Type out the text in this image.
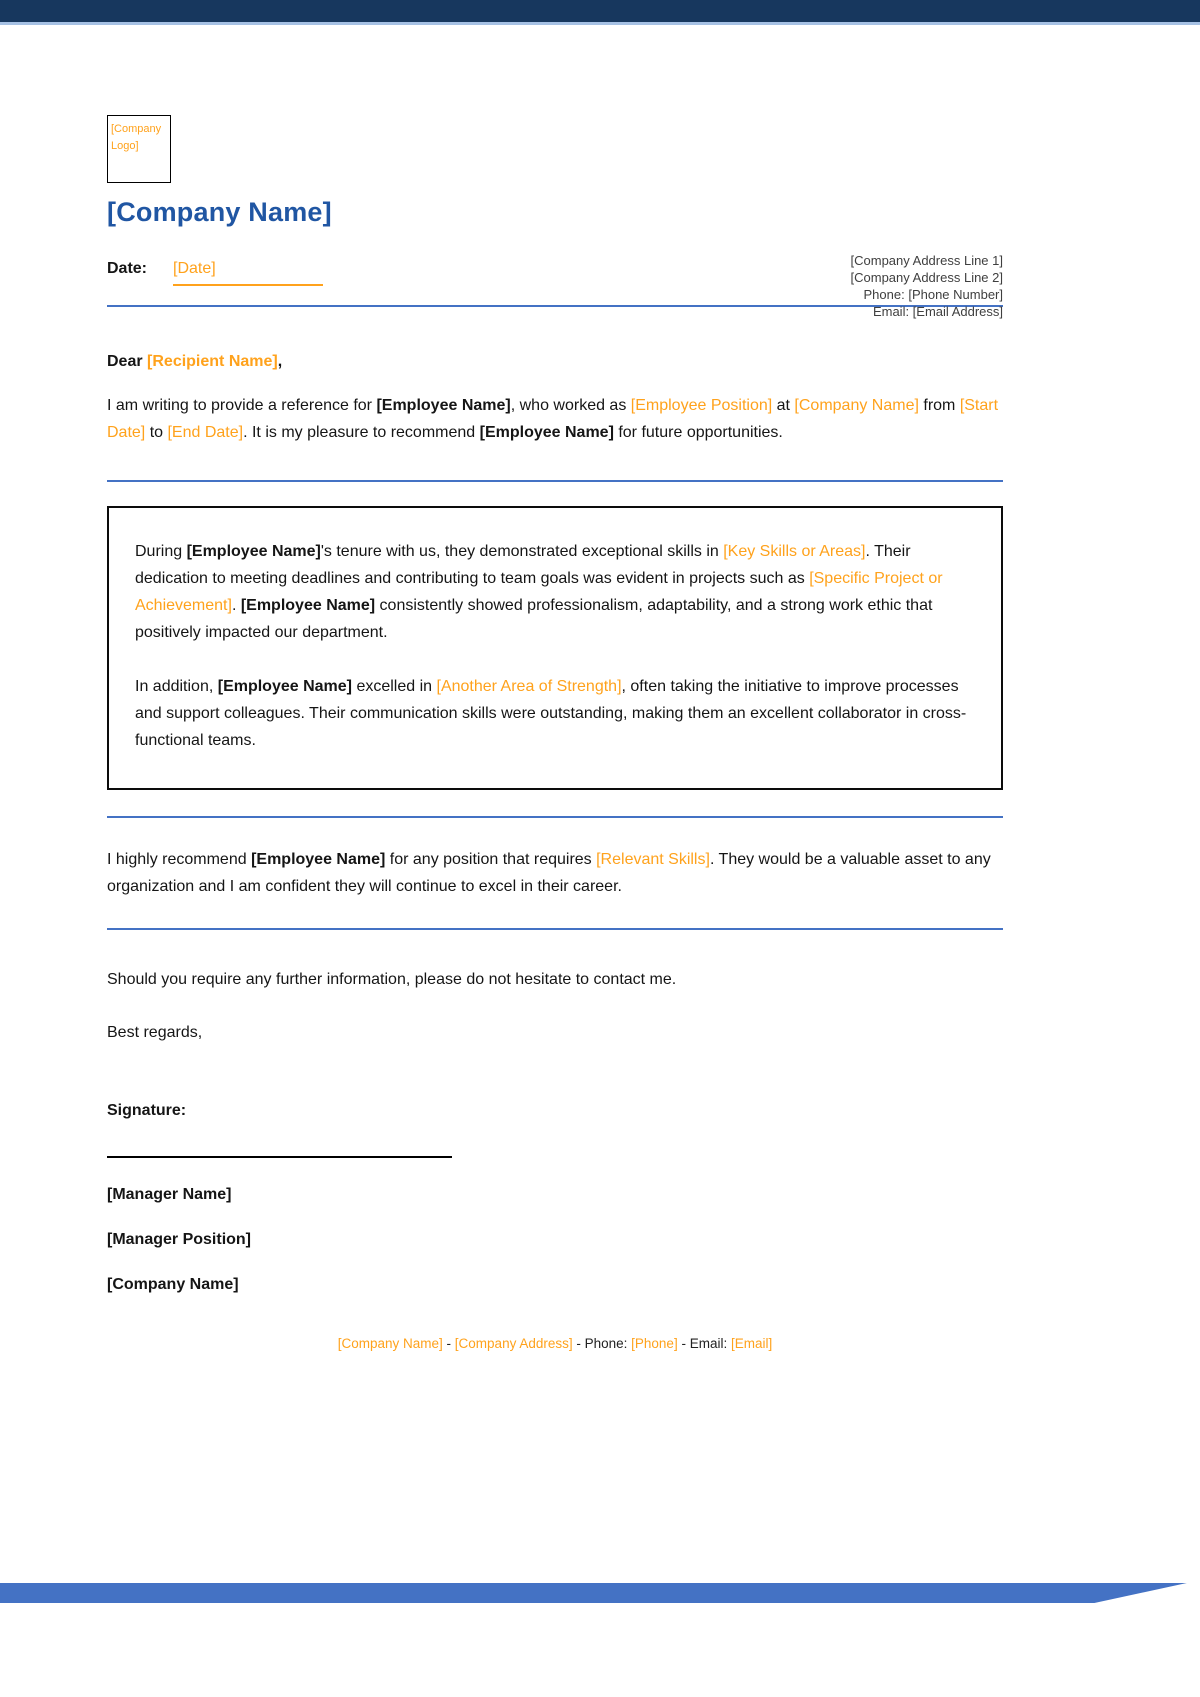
[Company Logo]
[Company Name]
Date: [Date]	[Company Address Line 1]
[Company Address Line 2]
Phone: [Phone Number]
Email: [Email Address]

Dear [Recipient Name],

I am writing to provide a reference for [Employee Name], who worked as [Employee Position] at [Company Name] from [Start Date] to [End Date]. It is my pleasure to recommend [Employee Name] for future opportunities.

During [Employee Name]'s tenure with us, they demonstrated exceptional skills in [Key Skills or Areas]. Their dedication to meeting deadlines and contributing to team goals was evident in projects such as [Specific Project or Achievement]. [Employee Name] consistently showed professionalism, adaptability, and a strong work ethic that positively impacted our department.

In addition, [Employee Name] excelled in [Another Area of Strength], often taking the initiative to improve processes and support colleagues. Their communication skills were outstanding, making them an excellent collaborator in cross-functional teams.

I highly recommend [Employee Name] for any position that requires [Relevant Skills]. They would be a valuable asset to any organization and I am confident they will continue to excel in their career.

Should you require any further information, please do not hesitate to contact me.

Best regards,

Signature:

[Manager Name]

[Manager Position]

[Company Name]

[Company Name] - [Company Address] - Phone: [Phone] - Email: [Email]
